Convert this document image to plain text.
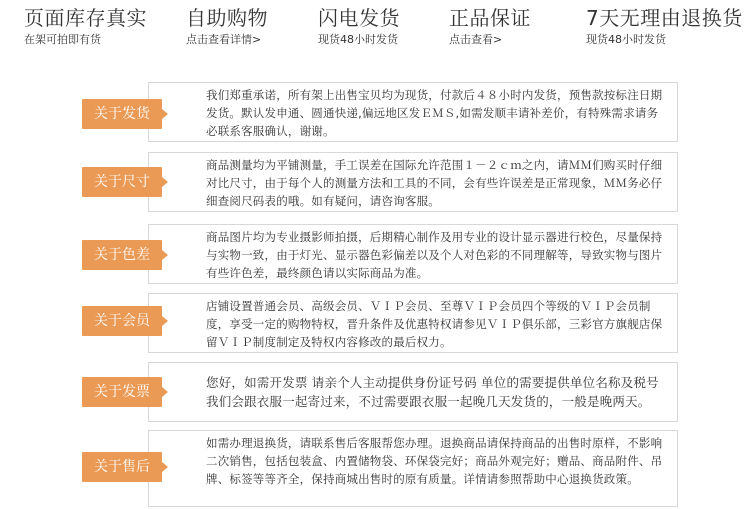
页面库存真实
在架可拍即有货
自助购物
点击查看详情>
闪电发货
现货48小时发货
正品保证
点击查看>
7天无理由退换货
现货48小时发货
我们郑重承诺，所有架上出售宝贝均为现货，付款后４８小时内发货，预售款按标注日期发货。默认发申通、圆通快递,偏远地区发ＥＭＳ,如需发顺丰请补差价，有特殊需求请务必联系客服确认，谢谢。
关于发货
商品测量均为平铺测量，手工误差在国际允许范围１－２ｃｍ之内，请ＭＭ们购买时仔细对比尺寸，由于每个人的测量方法和工具的不同，会有些许误差是正常现象，ＭＭ务必仔细查阅尺码表的哦。如有疑问，请咨询客服。
关于尺寸
商品图片均为专业摄影师拍摄，后期精心制作及用专业的设计显示器进行校色，尽量保持与实物一致，由于灯光、显示器色彩偏差以及个人对色彩的不同理解等，导致实物与图片有些许色差，最终颜色请以实际商品为准。
关于色差
店铺设置普通会员、高级会员、ＶＩＰ会员、至尊ＶＩＰ会员四个等级的ＶＩＰ会员制度，享受一定的购物特权，晋升条件及优惠特权请参见ＶＩＰ俱乐部，三彩官方旗舰店保留ＶＩＰ制度制定及特权内容修改的最后权力。
关于会员
您好，如需开发票 请亲个人主动提供身份证号码 单位的需要提供单位名称及税号我们会跟衣服一起寄过来，不过需要跟衣服一起晚几天发货的，一般是晚两天。
关于发票
如需办理退换货，请联系售后客服帮您办理。退换商品请保持商品的出售时原样，不影响二次销售，包括包装盒、内置储物袋、环保袋完好；商品外观完好；赠品、商品附件、吊牌、标签等等齐全，保持商城出售时的原有质量。详情请参照帮助中心退换货政策。
关于售后
